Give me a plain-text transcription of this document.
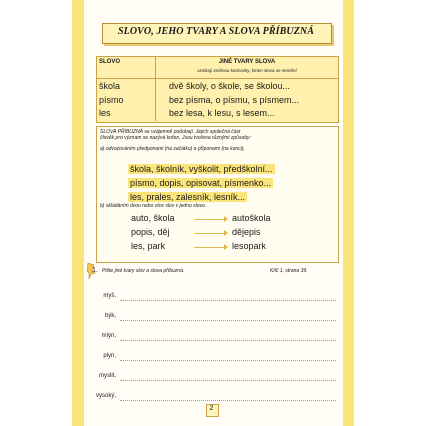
SLOVO, JEHO TVARY A SLOVA PŘÍBUZNÁ
SLOVO	JINÉ TVARY SLOVA
vznikají změnou koncovky, kmen slova se nemění
škola	dvě školy, o škole, se školou...
písmo	bez písma, o písmu, s písmem...
les	bez lesa, k lesu, s lesem...
SLOVA PŘÍBUZNÁ se vzájemně podobají. Jejich společná část
člověk pro význam se nazývá kořen. Jsou tvořena různými způsoby:
a) odvozováním předponami (na začátku) a příponami (na konci),
škola, školník, vyškolit, předškolní...
písmo, dopis, opisovat, písmenko...
les, prales, zalesník, lesník...
b) skládáním dvou nebo více slov v jedno slovo.
auto, škola	autoškola
popis, děj	dějepis
les, park	lesopark
1. Pište jiné tvary slov a slova příbuzná.	Klíč 1, strana 39.
myš,
býk,
mlýn,
plyn,
myslit,
vysoký,
2
